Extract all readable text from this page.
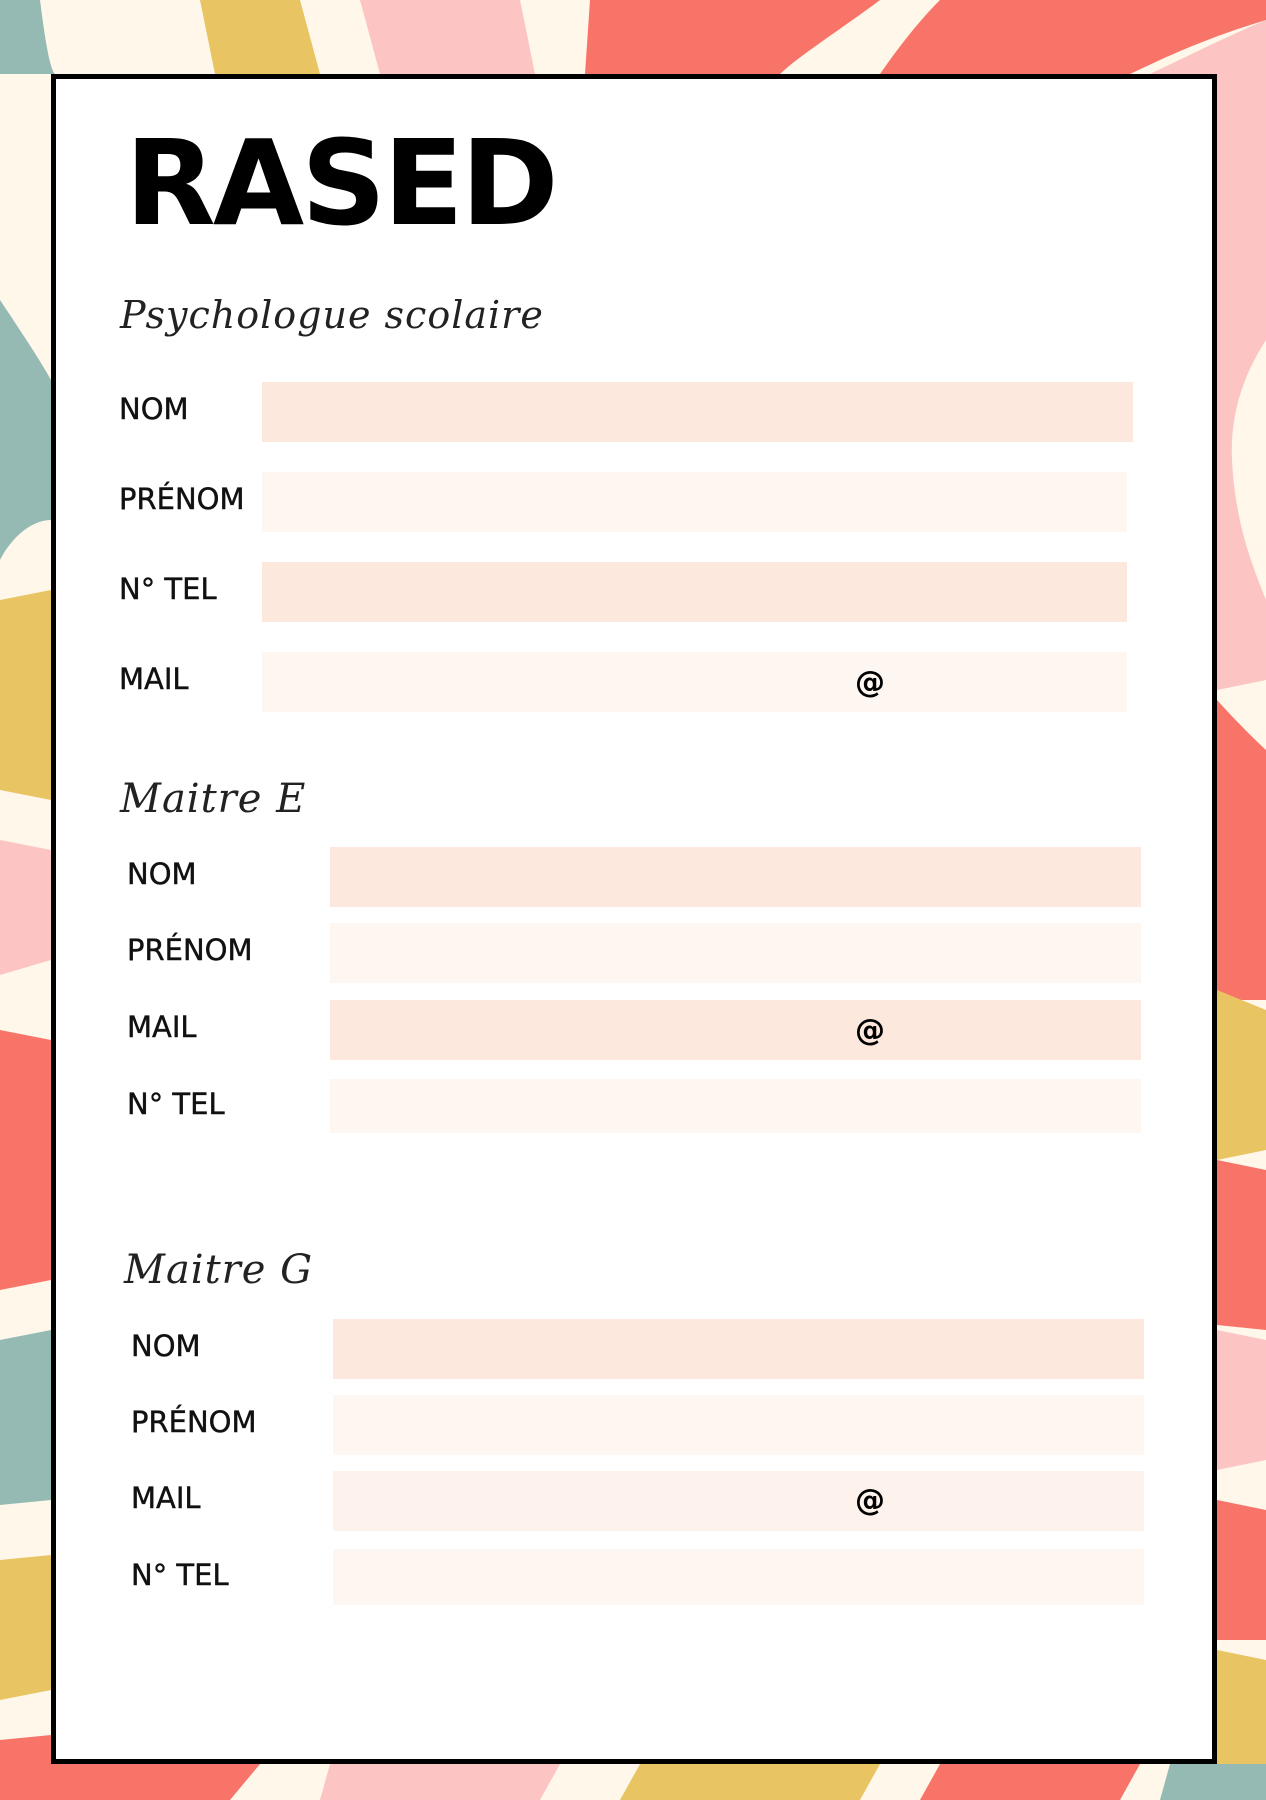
RASED
Psychologue scolaire
NOM
PRÉNOM
N° TEL
MAIL	@
Maitre E
NOM
PRÉNOM
MAIL	@
N° TEL
Maitre G
NOM
PRÉNOM
MAIL	@
N° TEL
